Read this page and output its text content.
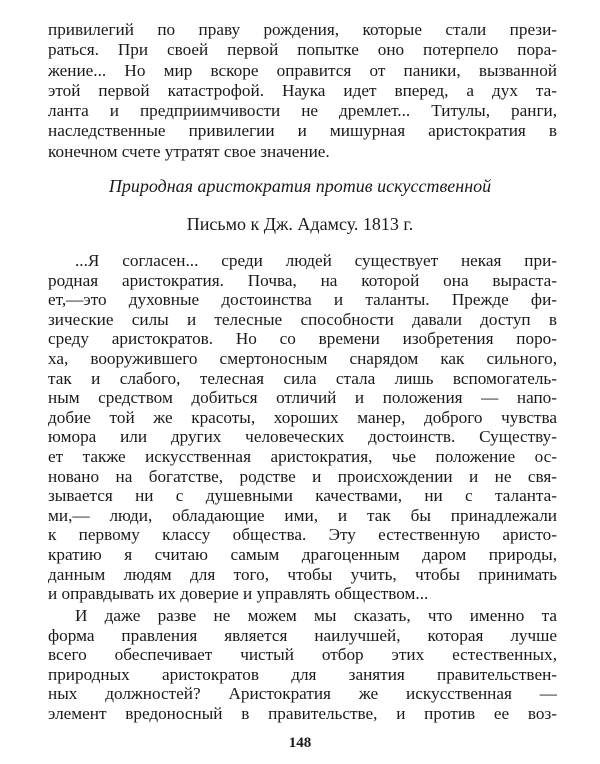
привилегий по праву рождения, которые стали прези-
раться. При своей первой попытке оно потерпело пора-
жение... Но мир вскоре оправится от паники, вызванной
этой первой катастрофой. Наука идет вперед, а дух та-
ланта и предприимчивости не дремлет... Титулы, ранги,
наследственные привилегии и мишурная аристократия в
конечном счете утратят свое значение.
Природная аристократия против искусственной
Письмо к Дж. Адамсу. 1813 г.
...Я согласен... среди людей существует некая при-
родная аристократия. Почва, на которой она выраста-
ет,—это духовные достоинства и таланты. Прежде фи-
зические силы и телесные способности давали доступ в
среду аристократов. Но со времени изобретения поро-
ха, вооружившего смертоносным снарядом как сильного,
так и слабого, телесная сила стала лишь вспомогатель-
ным средством добиться отличий и положения — напо-
добие той же красоты, хороших манер, доброго чувства
юмора или других человеческих достоинств. Существу-
ет также искусственная аристократия, чье положение ос-
новано на богатстве, родстве и происхождении и не свя-
зывается ни с душевными качествами, ни с таланта-
ми,— люди, обладающие ими, и так бы принадлежали
к первому классу общества. Эту естественную аристо-
кратию я считаю самым драгоценным даром природы,
данным людям для того, чтобы учить, чтобы принимать
и оправдывать их доверие и управлять обществом...
И даже разве не можем мы сказать, что именно та
форма правления является наилучшей, которая лучше
всего обеспечивает чистый отбор этих естественных,
природных аристократов для занятия правительствен-
ных должностей? Аристократия же искусственная —
элемент вредоносный в правительстве, и против ее воз-
148
